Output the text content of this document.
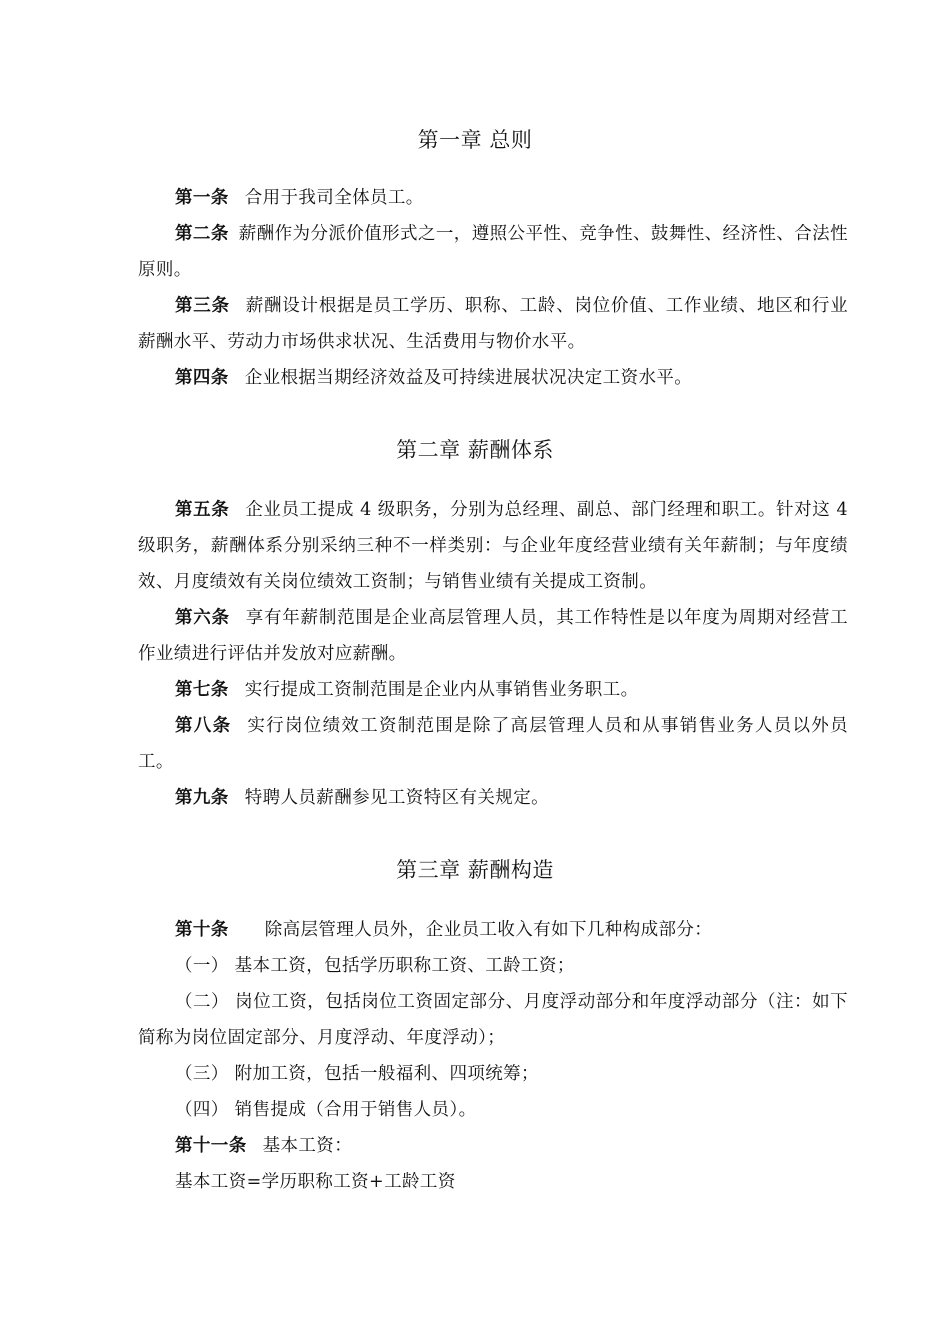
第一章 总则

第一条 合用于我司全体员工。

第二条 薪酬作为分派价值形式之一，遵照公平性、竞争性、鼓舞性、经济性、合法性原则。

第三条 薪酬设计根据是员工学历、职称、工龄、岗位价值、工作业绩、地区和行业薪酬水平、劳动力市场供求状况、生活费用与物价水平。

第四条 企业根据当期经济效益及可持续进展状况决定工资水平。

第二章 薪酬体系

第五条 企业员工提成 4 级职务，分别为总经理、副总、部门经理和职工。针对这 4 级职务，薪酬体系分别采纳三种不一样类别：与企业年度经营业绩有关年薪制；与年度绩效、月度绩效有关岗位绩效工资制；与销售业绩有关提成工资制。

第六条 享有年薪制范围是企业高层管理人员，其工作特性是以年度为周期对经营工作业绩进行评估并发放对应薪酬。

第七条 实行提成工资制范围是企业内从事销售业务职工。

第八条 实行岗位绩效工资制范围是除了高层管理人员和从事销售业务人员以外员工。

第九条 特聘人员薪酬参见工资特区有关规定。

第三章 薪酬构造

第十条 除高层管理人员外，企业员工收入有如下几种构成部分：

（一） 基本工资，包括学历职称工资、工龄工资；

（二） 岗位工资，包括岗位工资固定部分、月度浮动部分和年度浮动部分（注：如下简称为岗位固定部分、月度浮动、年度浮动）；

（三） 附加工资，包括一般福利、四项统筹；

（四） 销售提成（合用于销售人员）。

第十一条 基本工资：

基本工资=学历职称工资+工龄工资
